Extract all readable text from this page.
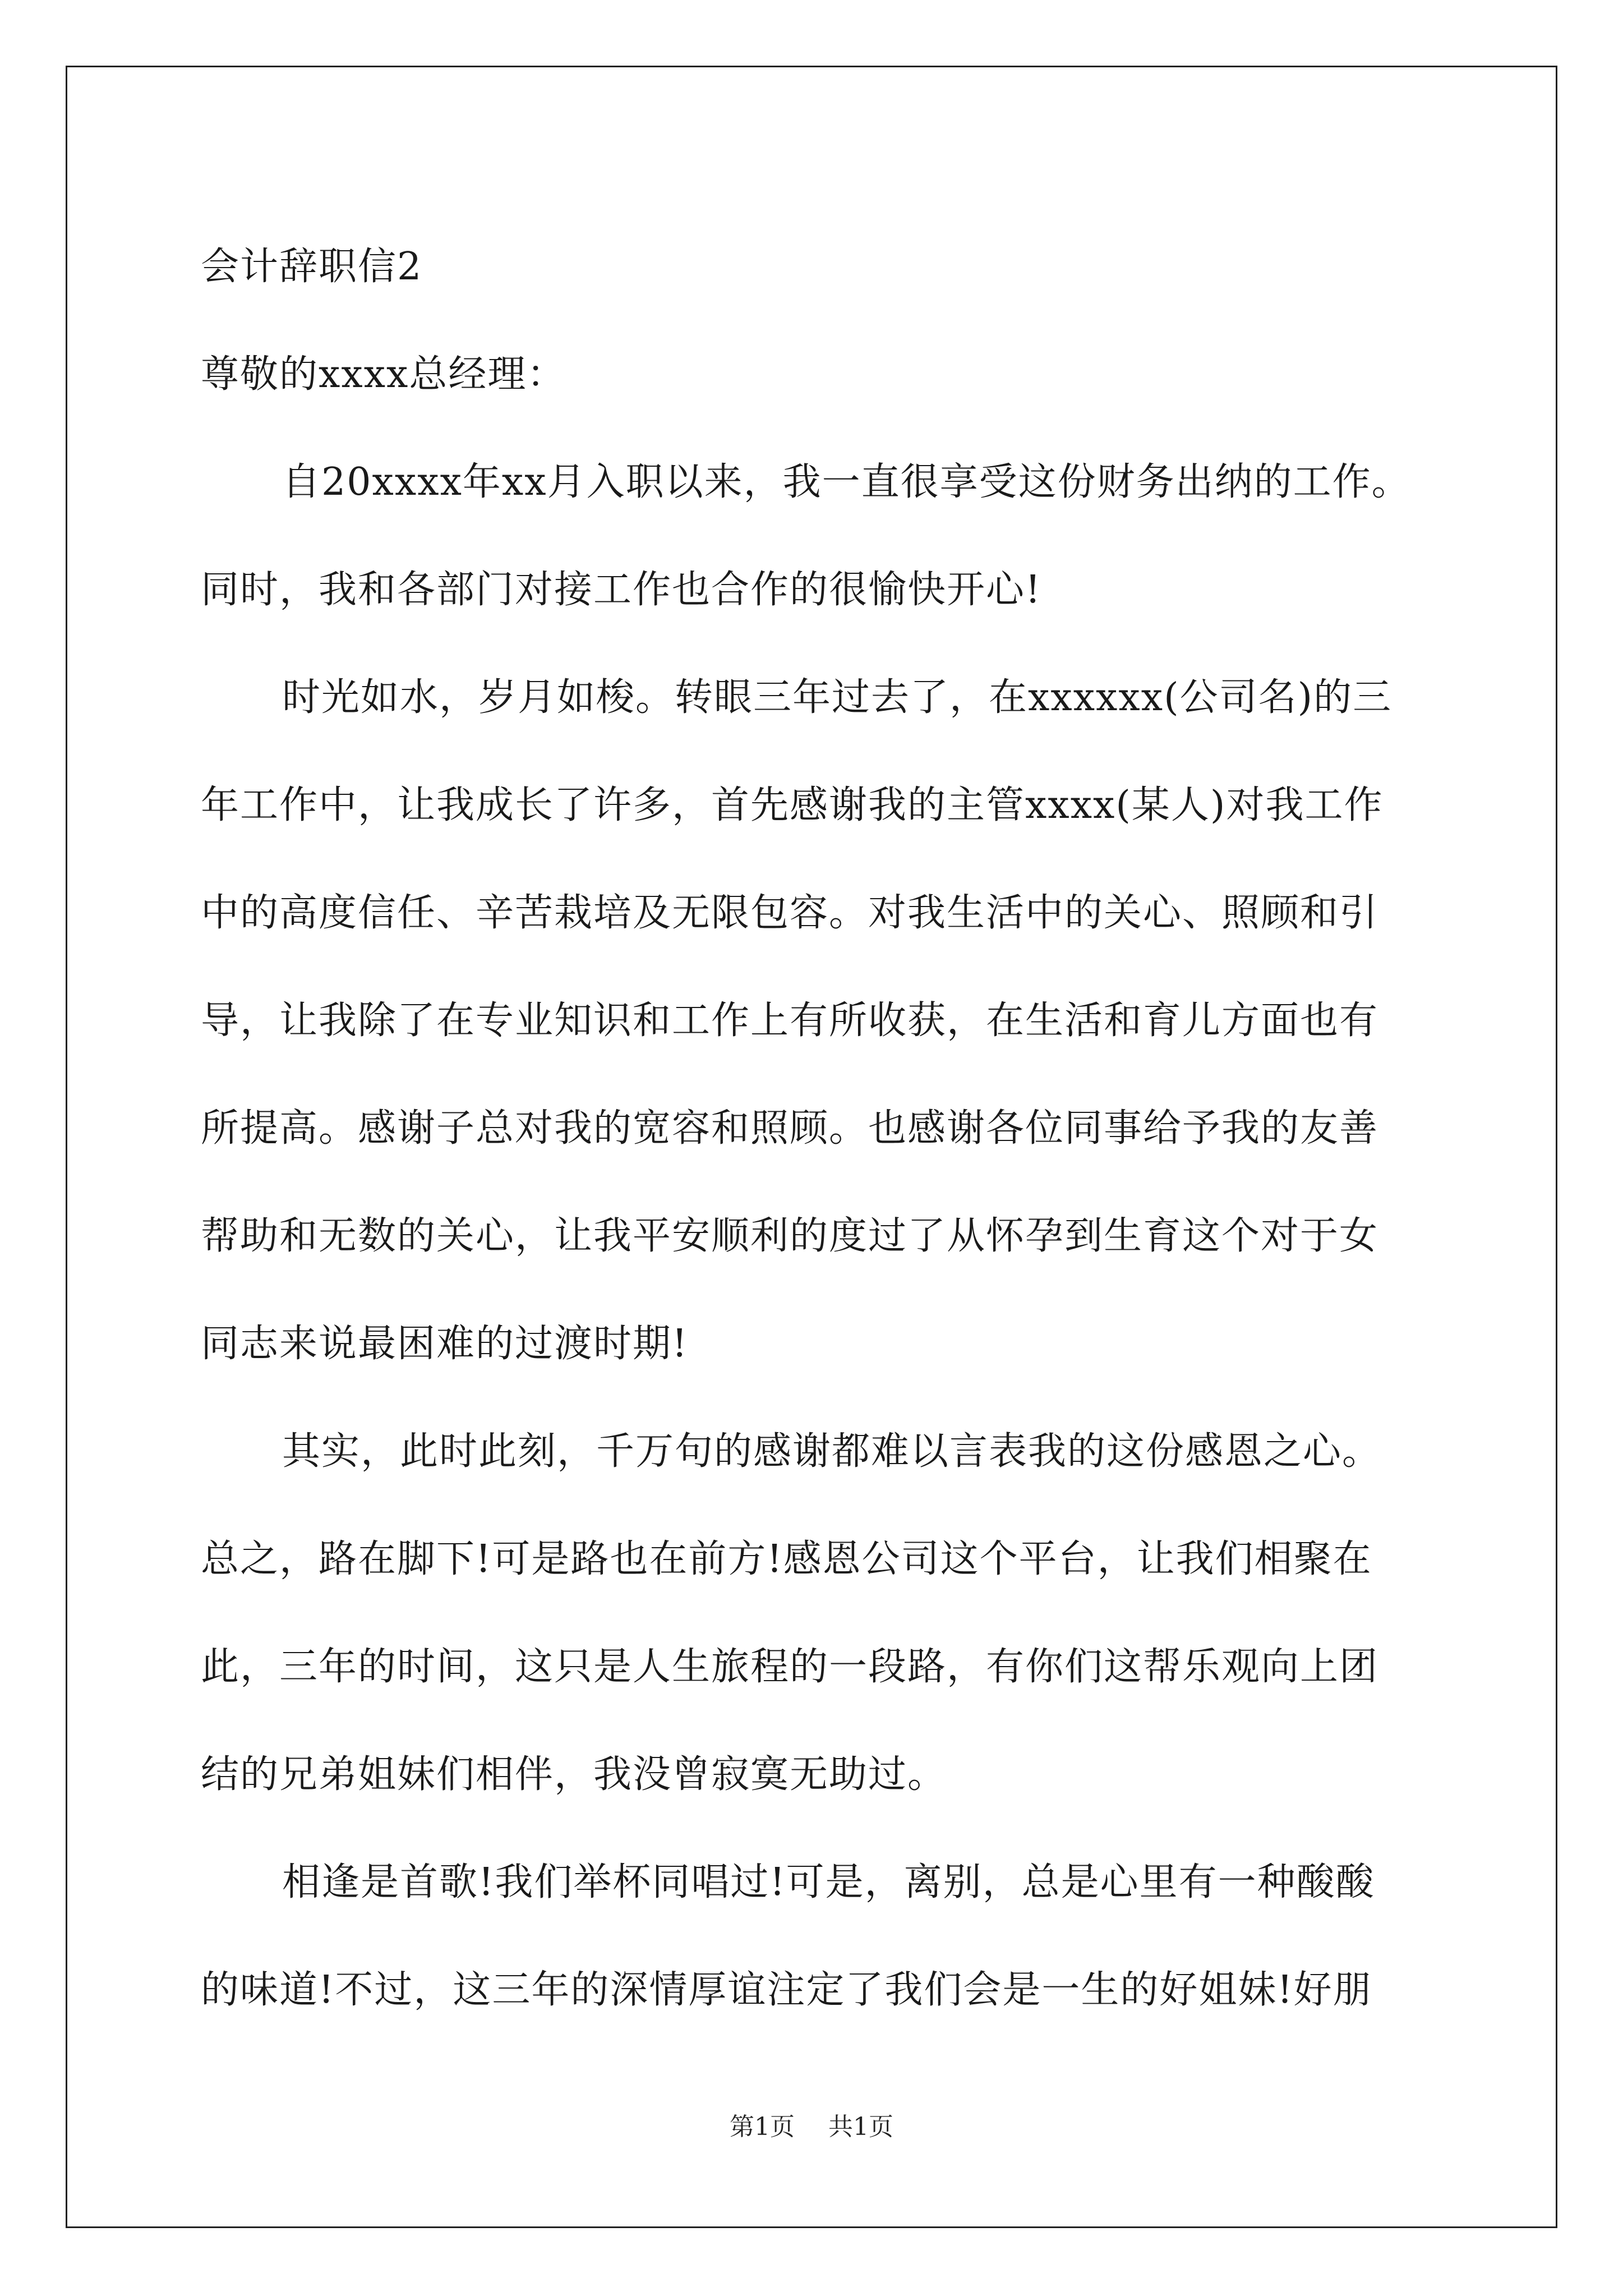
会计辞职信2
尊敬的xxxx总经理：
自20xxxx年xx月入职以来，我一直很享受这份财务出纳的工作。
同时，我和各部门对接工作也合作的很愉快开心!
时光如水，岁月如梭。转眼三年过去了，在xxxxxx(公司名)的三
年工作中，让我成长了许多，首先感谢我的主管xxxx(某人)对我工作
中的高度信任、辛苦栽培及无限包容。对我生活中的关心、照顾和引
导，让我除了在专业知识和工作上有所收获，在生活和育儿方面也有
所提高。感谢子总对我的宽容和照顾。也感谢各位同事给予我的友善
帮助和无数的关心，让我平安顺利的度过了从怀孕到生育这个对于女
同志来说最困难的过渡时期!
其实，此时此刻，千万句的感谢都难以言表我的这份感恩之心。
总之，路在脚下!可是路也在前方!感恩公司这个平台，让我们相聚在
此，三年的时间，这只是人生旅程的一段路，有你们这帮乐观向上团
结的兄弟姐妹们相伴，我没曾寂寞无助过。
相逢是首歌!我们举杯同唱过!可是，离别，总是心里有一种酸酸
的味道!不过，这三年的深情厚谊注定了我们会是一生的好姐妹!好朋
第1页 共1页
